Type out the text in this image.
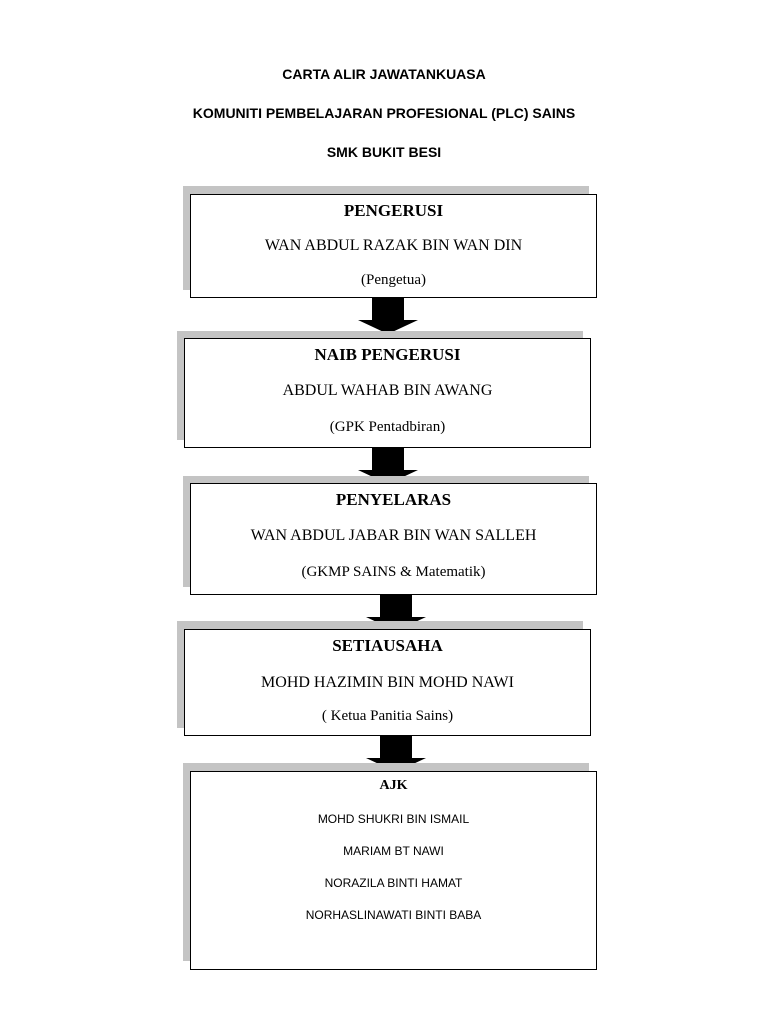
CARTA ALIR JAWATANKUASA
KOMUNITI PEMBELAJARAN PROFESIONAL (PLC) SAINS
SMK BUKIT BESI
PENGERUSI
WAN ABDUL RAZAK BIN WAN DIN
(Pengetua)
NAIB PENGERUSI
ABDUL WAHAB BIN AWANG
(GPK Pentadbiran)
PENYELARAS
WAN ABDUL JABAR BIN WAN SALLEH
(GKMP SAINS & Matematik)
SETIAUSAHA
MOHD HAZIMIN BIN MOHD NAWI
( Ketua Panitia Sains)
AJK
MOHD SHUKRI BIN ISMAIL
MARIAM BT NAWI
NORAZILA BINTI HAMAT
NORHASLINAWATI BINTI BABA
